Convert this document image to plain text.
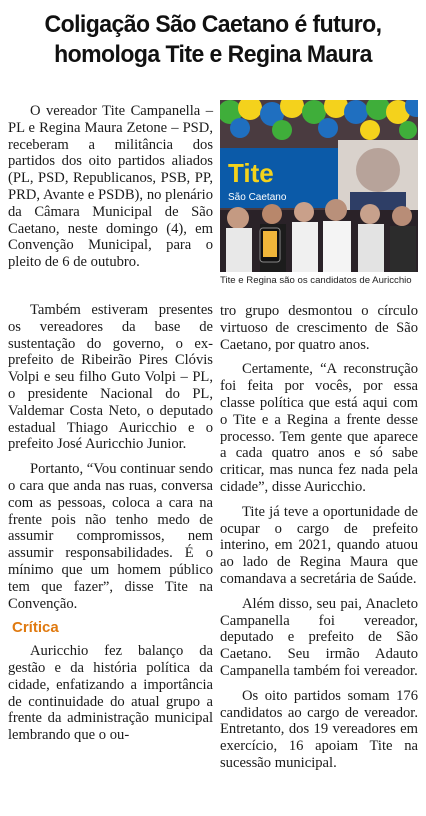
Coligação São Caetano é futuro,
homologa Tite e Regina Maura

O vereador Tite Campanella – PL e Regina Maura Zetone – PSD, receberam a militância dos partidos dos oito partidos aliados (PL, PSD, Republicanos, PSB, PP, PRD, Avante e PSDB), no plenário da Câmara Municipal de São Caetano, neste domingo (4), em Convenção Municipal, para o pleito de 6 de outubro.

Tite
São Caetano
Tite e Regina são os candidatos de Auricchio

Também estiveram presentes os vereadores da base de sustentação do governo, o ex-prefeito de Ribeirão Pires Clóvis Volpi e seu filho Guto Volpi – PL, o presidente Nacional do PL, Valdemar Costa Neto, o deputado estadual Thiago Auricchio e o prefeito José Auricchio Junior.

Portanto, “Vou continuar sendo o cara que anda nas ruas, conversa com as pessoas, coloca a cara na frente pois não tenho medo de assumir compromissos, nem assumir responsabilidades. É o mínimo que um homem público tem que fazer”, disse Tite na Convenção.

Crítica

Auricchio fez balanço da gestão e da história política da cidade, enfatizando a importância de continuidade do atual grupo a frente da administração municipal lembrando que o ou-

tro grupo desmontou o círculo virtuoso de crescimento de São Caetano, por quatro anos.

Certamente, “A reconstrução foi feita por vocês, por essa classe política que está aqui com o Tite e a Regina a frente desse processo. Tem gente que aparece a cada quatro anos e só sabe criticar, mas nunca fez nada pela cidade”, disse Auricchio.

Tite já teve a oportunidade de ocupar o cargo de prefeito interino, em 2021, quando atuou ao lado de Regina Maura que comandava a secretária de Saúde.

Além disso, seu pai, Anacleto Campanella foi vereador, deputado e prefeito de São Caetano. Seu irmão Adauto Campanella também foi vereador.

Os oito partidos somam 176 candidatos ao cargo de vereador. Entretanto, dos 19 vereadores em exercício, 16 apoiam Tite na sucessão municipal.
